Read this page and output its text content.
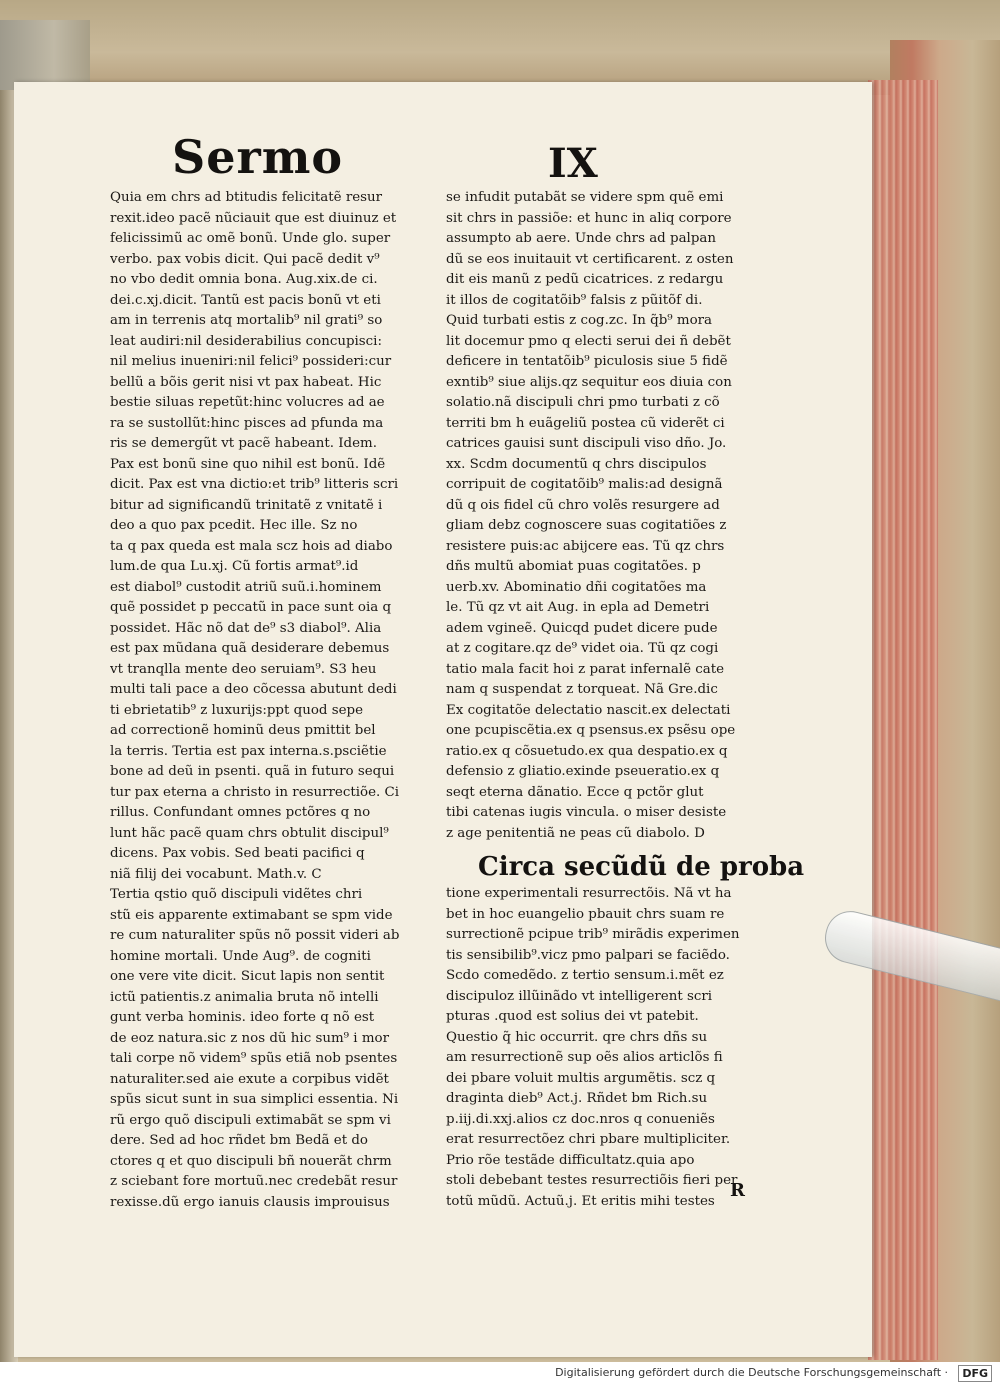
Sermo	IX
Quia em chrs ad btitudis felicitatẽ resur
rexit.ideo pacẽ nũciauit que est diuinuz et
felicissimũ ac omẽ bonũ. Unde glo. super
verbo. pax vobis dicit. Qui pacẽ dedit v⁹
no vbo dedit omnia bona. Aug.xix.de ci.
dei.c.xj.dicit. Tantũ est pacis bonũ vt eti
am in terrenis atq mortalib⁹ nil grati⁹ so
leat audiri:nil desiderabilius concupisci:
nil melius inueniri:nil felici⁹ possideri:cur
bellũ a bõis gerit nisi vt pax habeat. Hic
bestie siluas repetũt:hinc volucres ad ae
ra se sustollũt:hinc pisces ad pfunda ma
ris se demergũt vt pacẽ habeant. Idem.
Pax est bonũ sine quo nihil est bonũ. Idẽ
dicit. Pax est vna dictio:et trib⁹ litteris scri
bitur ad significandũ trinitatẽ z vnitatẽ i
deo a quo pax pcedit. Hec ille. Sz no
ta q pax queda est mala scz hois ad diabo
lum.de qua Lu.xj. Cũ fortis armat⁹.id
est diabol⁹ custodit atriũ suũ.i.hominem
quẽ possidet p peccatũ in pace sunt oia q
possidet. Hãc nõ dat de⁹ s3 diabol⁹. Alia
est pax mũdana quã desiderare debemus
vt tranqlla mente deo seruiam⁹. S3 heu
multi tali pace a deo cõcessa abutunt dedi
ti ebrietatib⁹ z luxurijs:ppt quod sepe
ad correctionẽ hominũ deus pmittit bel
la terris. Tertia est pax interna.s.psciẽtie
bone ad deũ in psenti. quã in futuro sequi
tur pax eterna a christo in resurrectiõe. Ci
rillus. Confundant omnes pctõres q no
lunt hãc pacẽ quam chrs obtulit discipul⁹
dicens. Pax vobis. Sed beati pacifici q
niã filij dei vocabunt. Math.v. C
Tertia qstio quõ discipuli vidẽtes chri
stũ eis apparente extimabant se spm vide
re cum naturaliter spũs nõ possit videri ab
homine mortali. Unde Aug⁹. de cogniti
one vere vite dicit. Sicut lapis non sentit
ictũ patientis.z animalia bruta nõ intelli
gunt verba hominis. ideo forte q nõ est
de eoz natura.sic z nos dũ hic sum⁹ i mor
tali corpe nõ videm⁹ spũs etiã nob psentes
naturaliter.sed aie exute a corpibus vidẽt
spũs sicut sunt in sua simplici essentia. Ni
rũ ergo quõ discipuli extimabãt se spm vi
dere. Sed ad hoc rñdet bm Bedã et do
ctores q et quo discipuli bñ nouerãt chrm
z sciebant fore mortuũ.nec credebãt resur
rexisse.dũ ergo ianuis clausis improuisus
se infudit putabãt se videre spm quẽ emi
sit chrs in passiõe: et hunc in aliq corpore
assumpto ab aere. Unde chrs ad palpan
dũ se eos inuitauit vt certificarent. z osten
dit eis manũ z pedũ cicatrices. z redargu
it illos de cogitatõib⁹ falsis z pũitõf di.
Quid turbati estis z cog.zc. In q̃b⁹ mora
lit docemur pmo q electi serui dei ñ debẽt
deficere in tentatõib⁹ piculosis siue 5 fidẽ
exntib⁹ siue alijs.qz sequitur eos diuia con
solatio.nã discipuli chri pmo turbati z cõ
territi bm h euãgeliũ postea cũ viderẽt ci
catrices gauisi sunt discipuli viso dño. Jo.
xx. Scdm documentũ q chrs discipulos
corripuit de cogitatõib⁹ malis:ad designã
dũ q ois fidel cũ chro volẽs resurgere ad
gliam debz cognoscere suas cogitatiões z
resistere puis:ac abijcere eas. Tũ qz chrs
dñs multũ abomiat puas cogitatões. p
uerb.xv. Abominatio dñi cogitatões ma
le. Tũ qz vt ait Aug. in epla ad Demetri
adem vgineẽ. Quicqd pudet dicere pude
at z cogitare.qz de⁹ videt oia. Tũ qz cogi
tatio mala facit hoi z parat infernalẽ cate
nam q suspendat z torqueat. Nã Gre.dic
Ex cogitatõe delectatio nascit.ex delectati
one pcupiscẽtia.ex q psensus.ex psẽsu ope
ratio.ex q cõsuetudo.ex qua despatio.ex q
defensio z gliatio.exinde pseueratio.ex q
seqt eterna dãnatio. Ecce q pctõr glut
tibi catenas iugis vincula. o miser desiste
z age penitentiã ne peas cũ diabolo. D
Circa secũdũ de proba
tione experimentali resurrectõis. Nã vt ha
bet in hoc euangelio pbauit chrs suam re
surrectionẽ pcipue trib⁹ mirãdis experimen
tis sensibilib⁹.vicz pmo palpari se faciẽdo.
Scdo comedẽdo. z tertio sensum.i.mẽt ez
discipuloz illũinãdo vt intelligerent scri
pturas .quod est solius dei vt patebit.
Questio q̃ hic occurrit. qre chrs dñs su
am resurrectionẽ sup oẽs alios articlõs fi
dei pbare voluit multis argumẽtis. scz q
draginta dieb⁹ Act.j. Rñdet bm Rich.su
p.iij.di.xxj.alios cz doc.nros q conueniẽs
erat resurrectõez chri pbare multipliciter.
Prio rõe testãde difficultatz.quia apo
stoli debebant testes resurrectiõis fieri per
totũ mũdũ. Actuũ.j. Et eritis mihi testes R
Digitalisierung gefördert durch die Deutsche Forschungsgemeinschaft ·	DFG
